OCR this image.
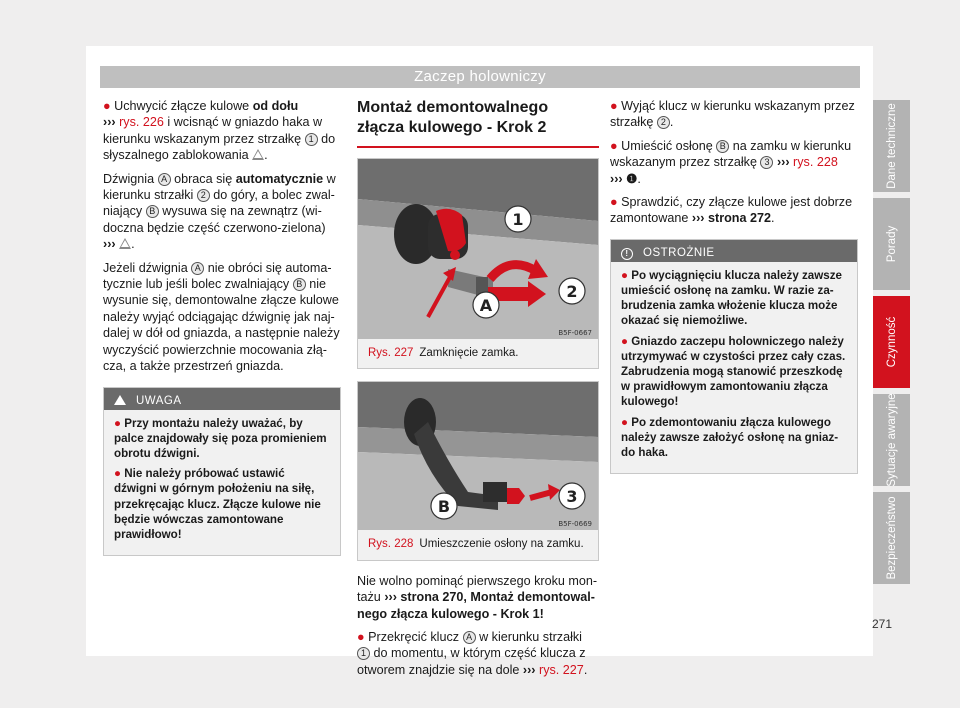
Zaczep holowniczy

● Uchwycić złącze kulowe od dołu
››› rys. 226 i wcisnąć w gniazdo haka w kierunku wskazanym przez strzałkę 1 do słyszalnego zablokowania .

Dźwignia A obraca się automatycznie w kierunku strzałki 2 do góry, a bolec zwalniający B wysuwa się na zewnątrz (widoczna będzie część czerwono-zielona)
››› .

Jeżeli dźwignia A nie obróci się automatycznie lub jeśli bolec zwalniający B nie wysunie się, demontowalne złącze kulowe należy wyjąć odciągając dźwignię jak najdalej w dół od gniazda, a następnie należy wyczyścić powierzchnie mocowania złącza, a także przestrzeń gniazda.

UWAGA

● Przy montażu należy uważać, by palce znajdowały się poza promieniem obrotu dźwigni.

● Nie należy próbować ustawić dźwigni w górnym położeniu na siłę, przekręcając klucz. Złącze kulowe nie będzie wówczas zamontowane prawidłowo!

Montaż demontowalnego złącza kulowego - Krok 2
1
2
A
B5F-0667
Rys. 227 Zamknięcie zamka.
B
3
B5F-0669
Rys. 228 Umieszczenie osłony na zamku.

Nie wolno pominąć pierwszego kroku montażu ››› strona 270, Montaż demontowalnego złącza kulowego - Krok 1!

● Przekręcić klucz A w kierunku strzałki
1 do momentu, w którym część klucza z otworem znajdzie się na dole ››› rys. 227.

● Wyjąć klucz w kierunku wskazanym przez strzałkę 2 .

● Umieścić osłonę B na zamku w kierunku wskazanym przez strzałkę 3 ››› rys. 228
››› ❶.

● Sprawdzić, czy złącze kulowe jest dobrze zamontowane ››› strona 272.

! OSTROŻNIE

● Po wyciągnięciu klucza należy zawsze umieścić osłonę na zamku. W razie zabrudzenia zamka włożenie klucza może okazać się niemożliwe.

● Gniazdo zaczepu holowniczego należy utrzymywać w czystości przez cały czas. Zabrudzenia mogą stanowić przeszkodę w prawidłowym zamontowaniu złącza kulowego!

● Po zdemontowaniu złącza kulowego należy zawsze założyć osłonę na gniazdo haka.

Dane techniczne
Porady
Czynność
Sytuacje awaryjne
Bezpieczeństwo
271
